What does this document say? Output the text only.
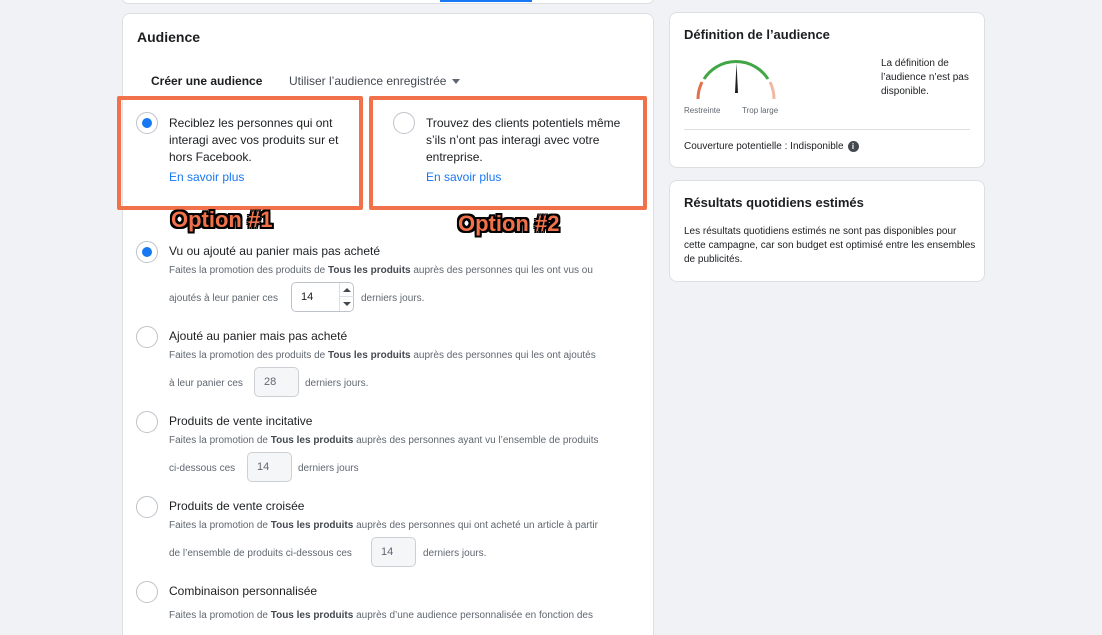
Audience
Créer une audience Utiliser l’audience enregistrée
Reciblez les personnes qui ont interagi avec vos produits sur et hors Facebook.
En savoir plus
Trouvez des clients potentiels même s’ils n’ont pas interagi avec votre entreprise.
En savoir plus
Vu ou ajouté au panier mais pas acheté
Faites la promotion des produits de Tous les produits auprès des personnes qui les ont vus ou
ajoutés à leur panier ces	14	derniers jours.
Ajouté au panier mais pas acheté
Faites la promotion des produits de Tous les produits auprès des personnes qui les ont ajoutés
à leur panier ces	28	derniers jours.
Produits de vente incitative
Faites la promotion de Tous les produits auprès des personnes ayant vu l’ensemble de produits
ci-dessous ces	14	derniers jours
Produits de vente croisée
Faites la promotion de Tous les produits auprès des personnes qui ont acheté un article à partir
de l’ensemble de produits ci-dessous ces	14	derniers jours.
Combinaison personnalisée
Faites la promotion de Tous les produits auprès d’une audience personnalisée en fonction des
Option #1	Option #2
Définition de l’audience
Restreinte	Trop large
La définition de l’audience n’est pas disponible.
Couverture potentielle : Indisponible i
Résultats quotidiens estimés
Les résultats quotidiens estimés ne sont pas disponibles pour cette campagne, car son budget est optimisé entre les ensembles de publicités.
